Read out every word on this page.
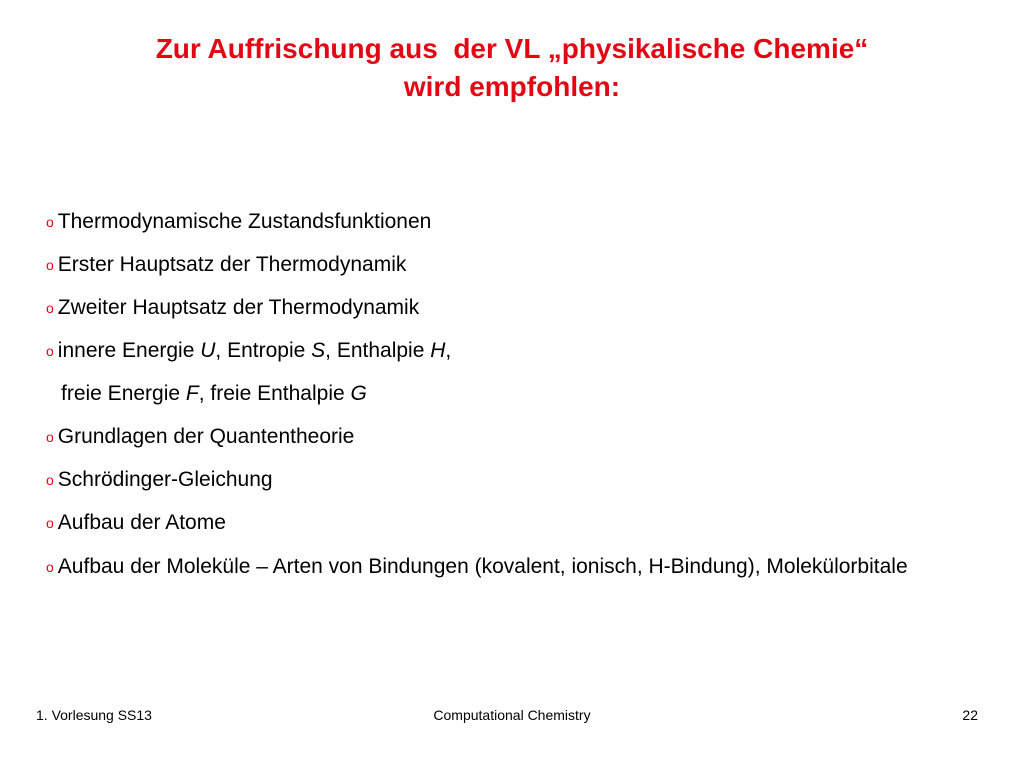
Zur Auffrischung aus  der VL „physikalische Chemie“
wird empfohlen:
o Thermodynamische Zustandsfunktionen
o Erster Hauptsatz der Thermodynamik
o Zweiter Hauptsatz der Thermodynamik
o innere Energie U, Entropie S, Enthalpie H,
freie Energie F, freie Enthalpie G
o Grundlagen der Quantentheorie
o Schrödinger-Gleichung
o Aufbau der Atome
o Aufbau der Moleküle – Arten von Bindungen (kovalent, ionisch, H-Bindung), Molekülorbitale
1. Vorlesung SS13	Computational Chemistry	22
